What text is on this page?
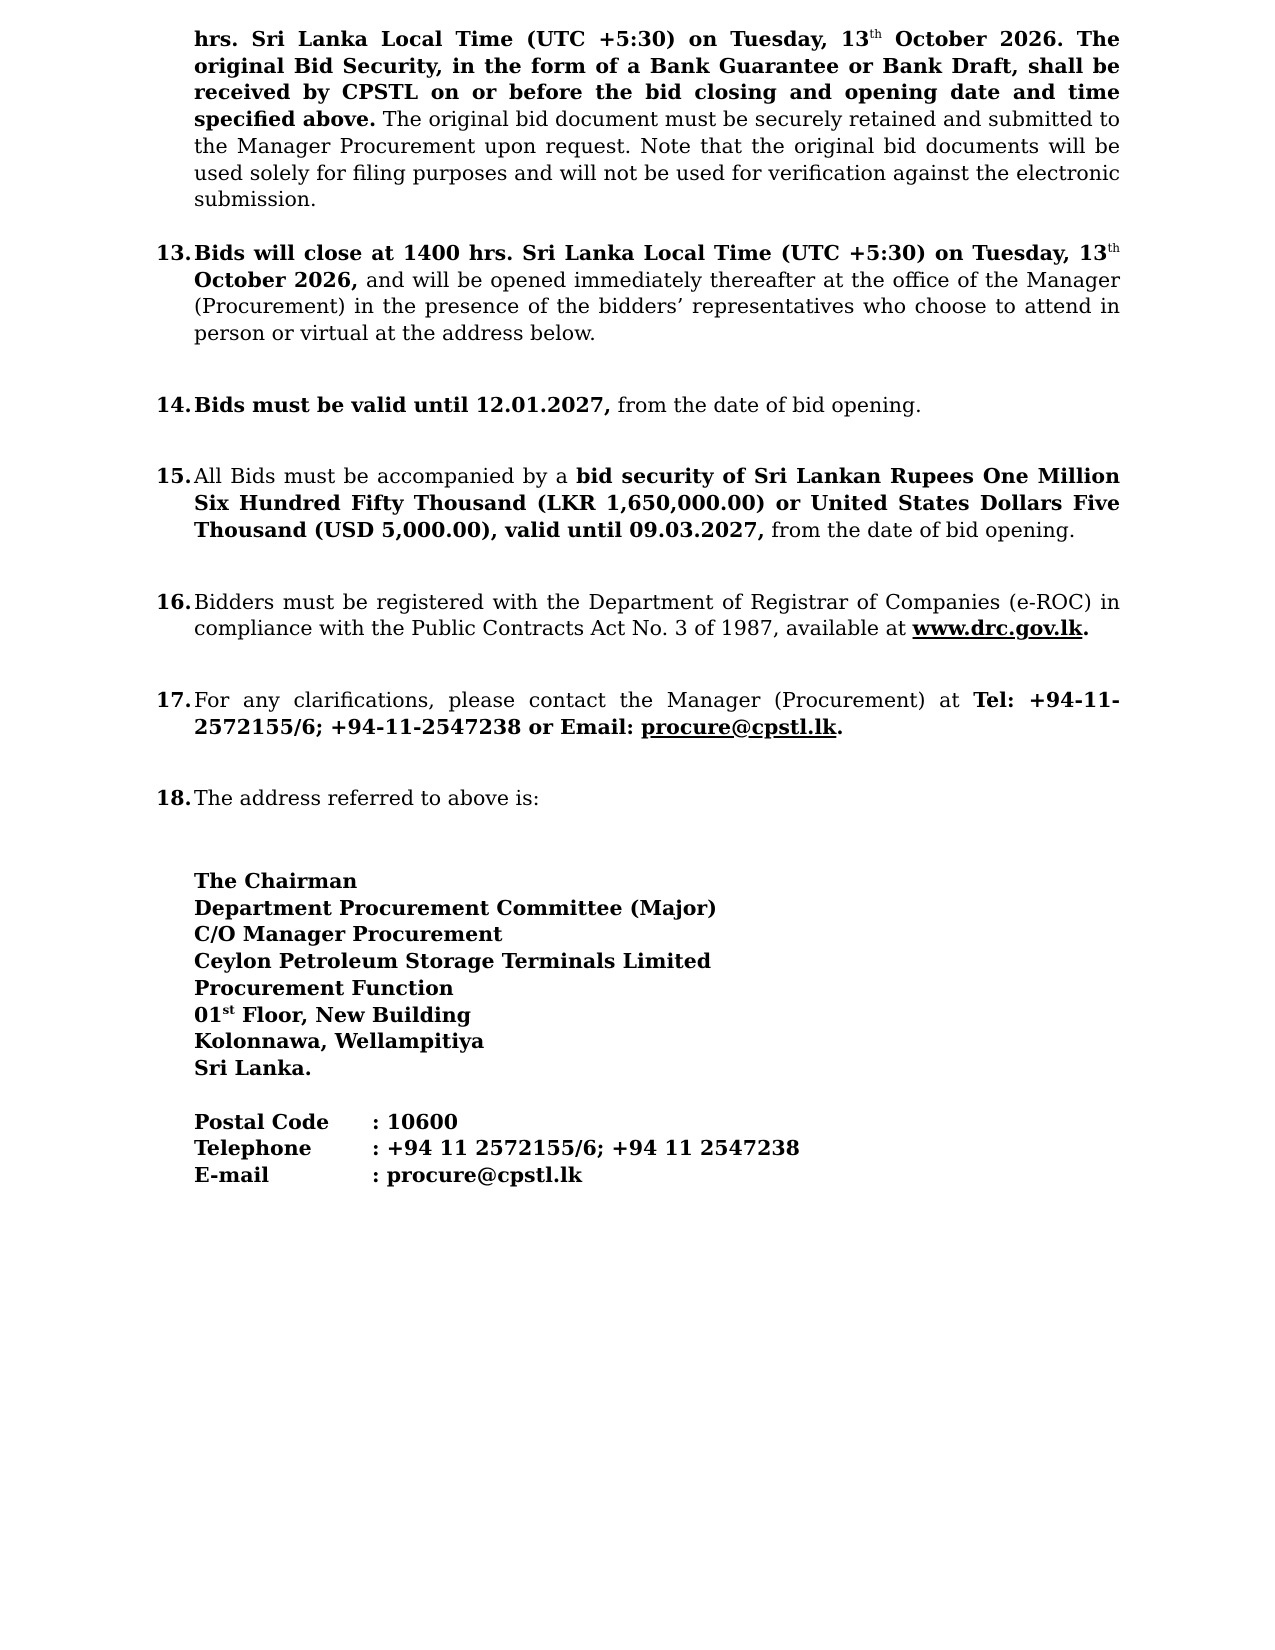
hrs. Sri Lanka Local Time (UTC +5:30) on Tuesday, 13th October 2026. The original Bid Security, in the form of a Bank Guarantee or Bank Draft, shall be received by CPSTL on or before the bid closing and opening date and time specified above. The original bid document must be securely retained and submitted to the Manager Procurement upon request. Note that the original bid documents will be used solely for filing purposes and will not be used for verification against the electronic submission.

13. Bids will close at 1400 hrs. Sri Lanka Local Time (UTC +5:30) on Tuesday, 13th October 2026, and will be opened immediately thereafter at the office of the Manager (Procurement) in the presence of the bidders’ representatives who choose to attend in person or virtual at the address below.
14. Bids must be valid until 12.01.2027, from the date of bid opening.
15. All Bids must be accompanied by a bid security of Sri Lankan Rupees One Million Six Hundred Fifty Thousand (LKR 1,650,000.00) or United States Dollars Five Thousand (USD 5,000.00), valid until 09.03.2027, from the date of bid opening.
16. Bidders must be registered with the Department of Registrar of Companies (e-ROC) in compliance with the Public Contracts Act No. 3 of 1987, available at www.drc.gov.lk.
17. For any clarifications, please contact the Manager (Procurement) at Tel: +94-11-2572155/6; +94-11-2547238 or Email: procure@cpstl.lk.
18. The address referred to above is:
The Chairman
Department Procurement Committee (Major)
C/O Manager Procurement
Ceylon Petroleum Storage Terminals Limited
Procurement Function
01st Floor, New Building
Kolonnawa, Wellampitiya
Sri Lanka.
Postal Code	: 10600
Telephone	: +94 11 2572155/6; +94 11 2547238
E-mail	: procure@cpstl.lk
